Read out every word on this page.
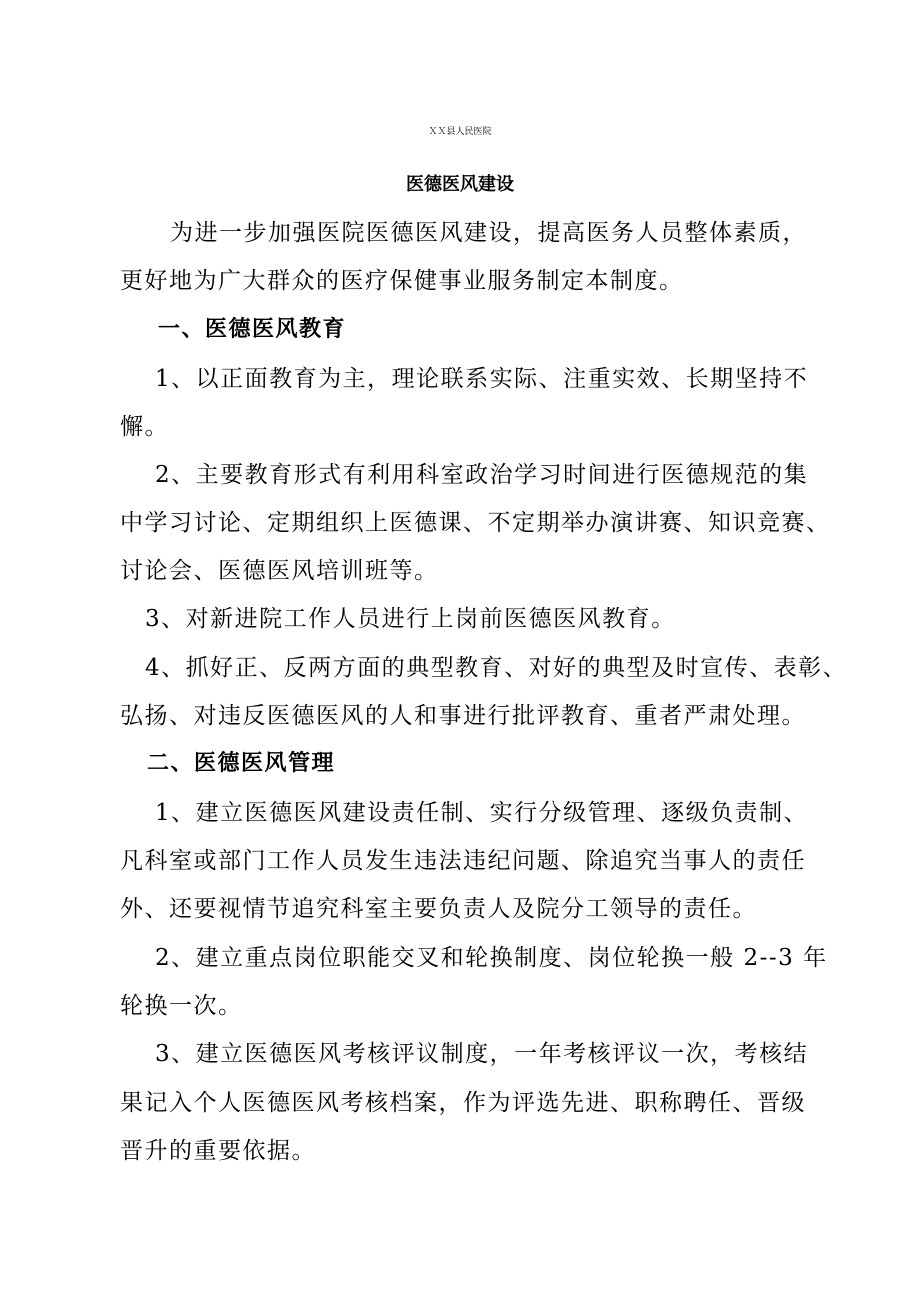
ＸＸ县人民医院
医德医风建设
为进一步加强医院医德医风建设，提高医务人员整体素质，
更好地为广大群众的医疗保健事业服务制定本制度。
一、医德医风教育
1、以正面教育为主，理论联系实际、注重实效、长期坚持不
懈。
2、主要教育形式有利用科室政治学习时间进行医德规范的集
中学习讨论、定期组织上医德课、不定期举办演讲赛、知识竞赛、
讨论会、医德医风培训班等。
3、对新进院工作人员进行上岗前医德医风教育。
4、抓好正、反两方面的典型教育、对好的典型及时宣传、表彰、
弘扬、对违反医德医风的人和事进行批评教育、重者严肃处理。
二、医德医风管理
1、建立医德医风建设责任制、实行分级管理、逐级负责制、
凡科室或部门工作人员发生违法违纪问题、除追究当事人的责任
外、还要视情节追究科室主要负责人及院分工领导的责任。
2、建立重点岗位职能交叉和轮换制度、岗位轮换一般 2--3 年
轮换一次。
3、建立医德医风考核评议制度，一年考核评议一次，考核结
果记入个人医德医风考核档案，作为评选先进、职称聘任、晋级
晋升的重要依据。
